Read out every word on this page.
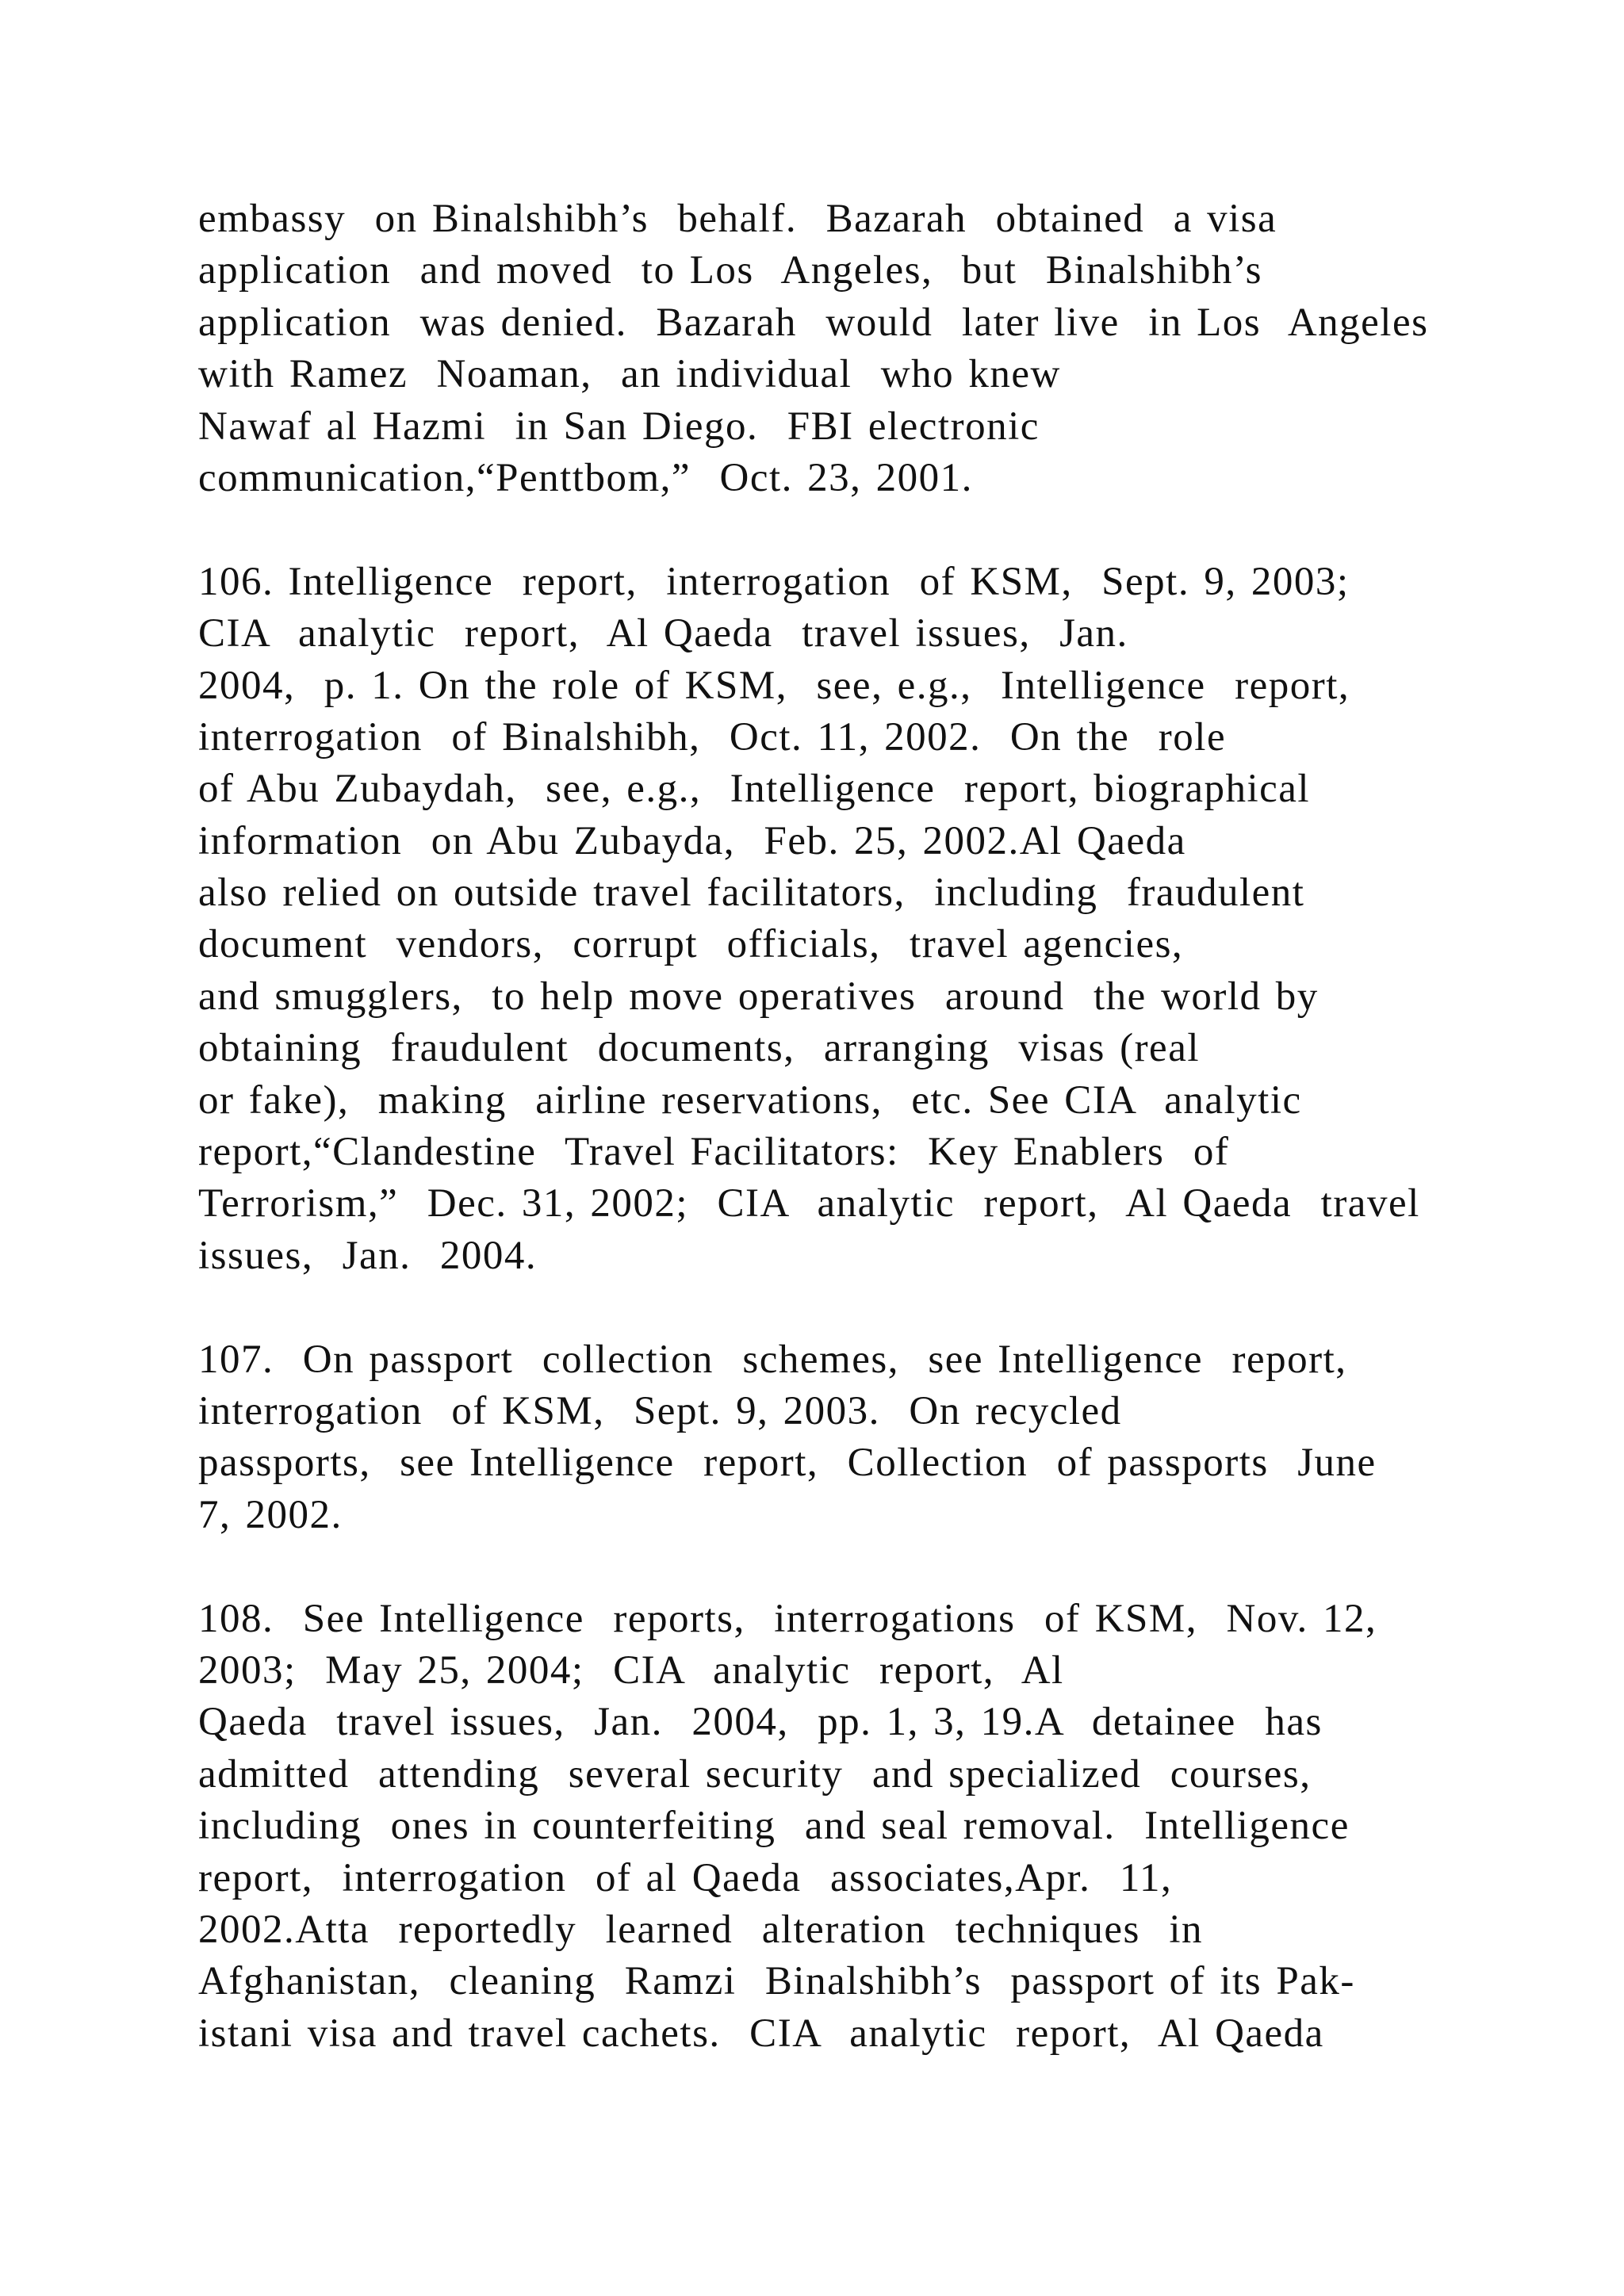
embassy  on Binalshibh’s  behalf.  Bazarah  obtained  a visa
application  and moved  to Los  Angeles,  but  Binalshibh’s
application  was denied.  Bazarah  would  later live  in Los  Angeles
with Ramez  Noaman,  an individual  who knew
Nawaf al Hazmi  in San Diego.  FBI electronic
communication,“Penttbom,”  Oct. 23, 2001.
106. Intelligence  report,  interrogation  of KSM,  Sept. 9, 2003;
CIA  analytic  report,  Al Qaeda  travel issues,  Jan.
2004,  p. 1. On the role of KSM,  see, e.g.,  Intelligence  report,
interrogation  of Binalshibh,  Oct. 11, 2002.  On the  role
of Abu Zubaydah,  see, e.g.,  Intelligence  report, biographical
information  on Abu Zubayda,  Feb. 25, 2002.Al Qaeda
also relied on outside travel facilitators,  including  fraudulent
document  vendors,  corrupt  officials,  travel agencies,
and smugglers,  to help move operatives  around  the world by
obtaining  fraudulent  documents,  arranging  visas (real
or fake),  making  airline reservations,  etc. See CIA  analytic
report,“Clandestine  Travel Facilitators:  Key Enablers  of
Terrorism,”  Dec. 31, 2002;  CIA  analytic  report,  Al Qaeda  travel
issues,  Jan.  2004.
107.  On passport  collection  schemes,  see Intelligence  report,
interrogation  of KSM,  Sept. 9, 2003.  On recycled
passports,  see Intelligence  report,  Collection  of passports  June
7, 2002.
108.  See Intelligence  reports,  interrogations  of KSM,  Nov. 12,
2003;  May 25, 2004;  CIA  analytic  report,  Al
Qaeda  travel issues,  Jan.  2004,  pp. 1, 3, 19.A  detainee  has
admitted  attending  several security  and specialized  courses,
including  ones in counterfeiting  and seal removal.  Intelligence
report,  interrogation  of al Qaeda  associates,Apr.  11,
2002.Atta  reportedly  learned  alteration  techniques  in
Afghanistan,  cleaning  Ramzi  Binalshibh’s  passport of its Pak-
istani visa and travel cachets.  CIA  analytic  report,  Al Qaeda
